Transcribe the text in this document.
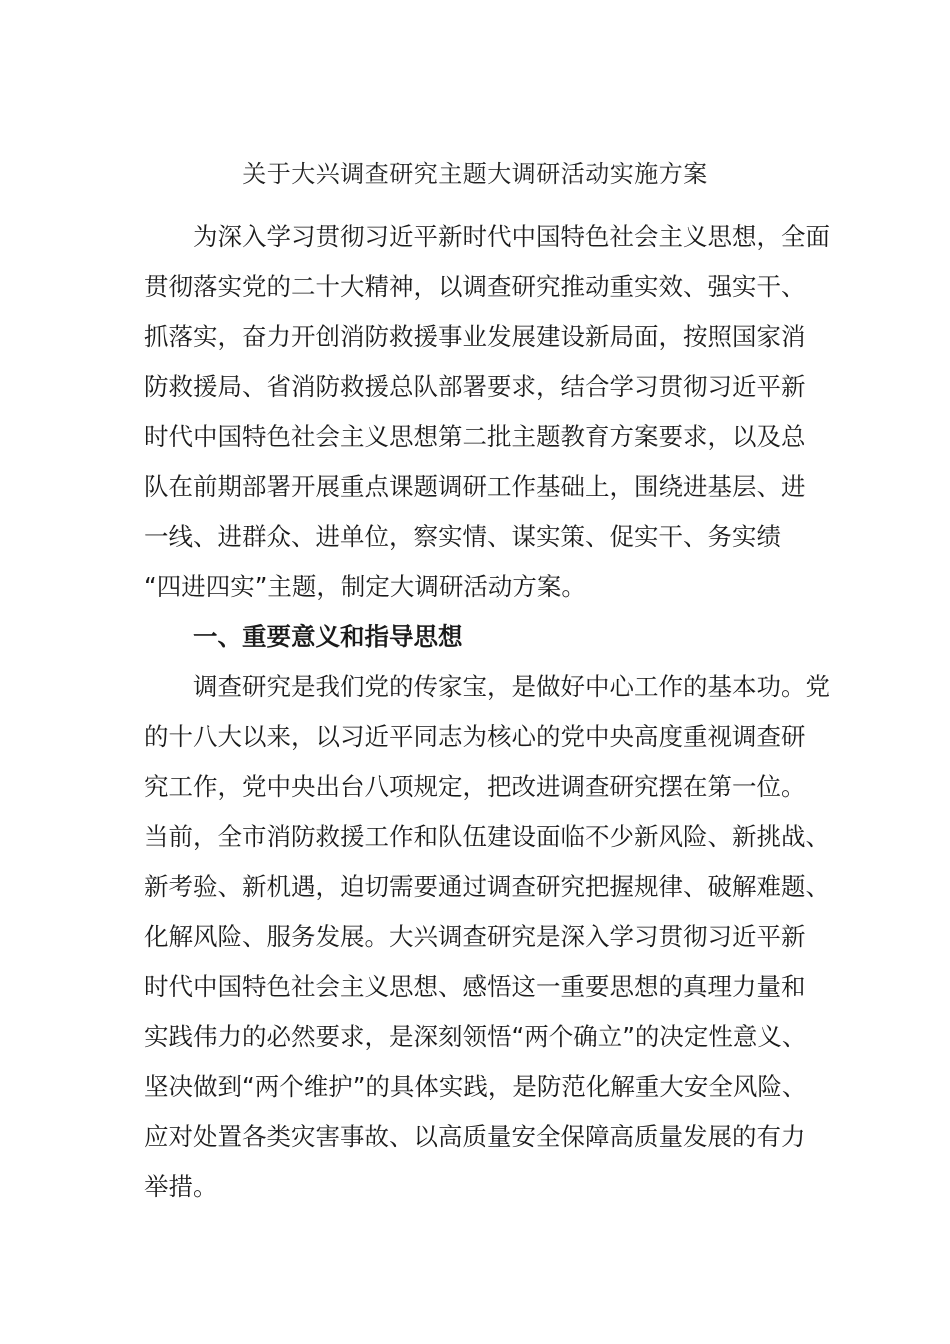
关于大兴调查研究主题大调研活动实施方案
　　为深入学习贯彻习近平新时代中国特色社会主义思想，全面
贯彻落实党的二十大精神，以调查研究推动重实效、强实干、
抓落实，奋力开创消防救援事业发展建设新局面，按照国家消
防救援局、省消防救援总队部署要求，结合学习贯彻习近平新
时代中国特色社会主义思想第二批主题教育方案要求，以及总
队在前期部署开展重点课题调研工作基础上，围绕进基层、进
一线、进群众、进单位，察实情、谋实策、促实干、务实绩
“四进四实”主题，制定大调研活动方案。
　　一、重要意义和指导思想
　　调查研究是我们党的传家宝，是做好中心工作的基本功。党
的十八大以来，以习近平同志为核心的党中央高度重视调查研
究工作，党中央出台八项规定，把改进调查研究摆在第一位。
当前，全市消防救援工作和队伍建设面临不少新风险、新挑战、
新考验、新机遇，迫切需要通过调查研究把握规律、破解难题、
化解风险、服务发展。大兴调查研究是深入学习贯彻习近平新
时代中国特色社会主义思想、感悟这一重要思想的真理力量和
实践伟力的必然要求，是深刻领悟“两个确立”的决定性意义、
坚决做到“两个维护”的具体实践，是防范化解重大安全风险、
应对处置各类灾害事故、以高质量安全保障高质量发展的有力
举措。
